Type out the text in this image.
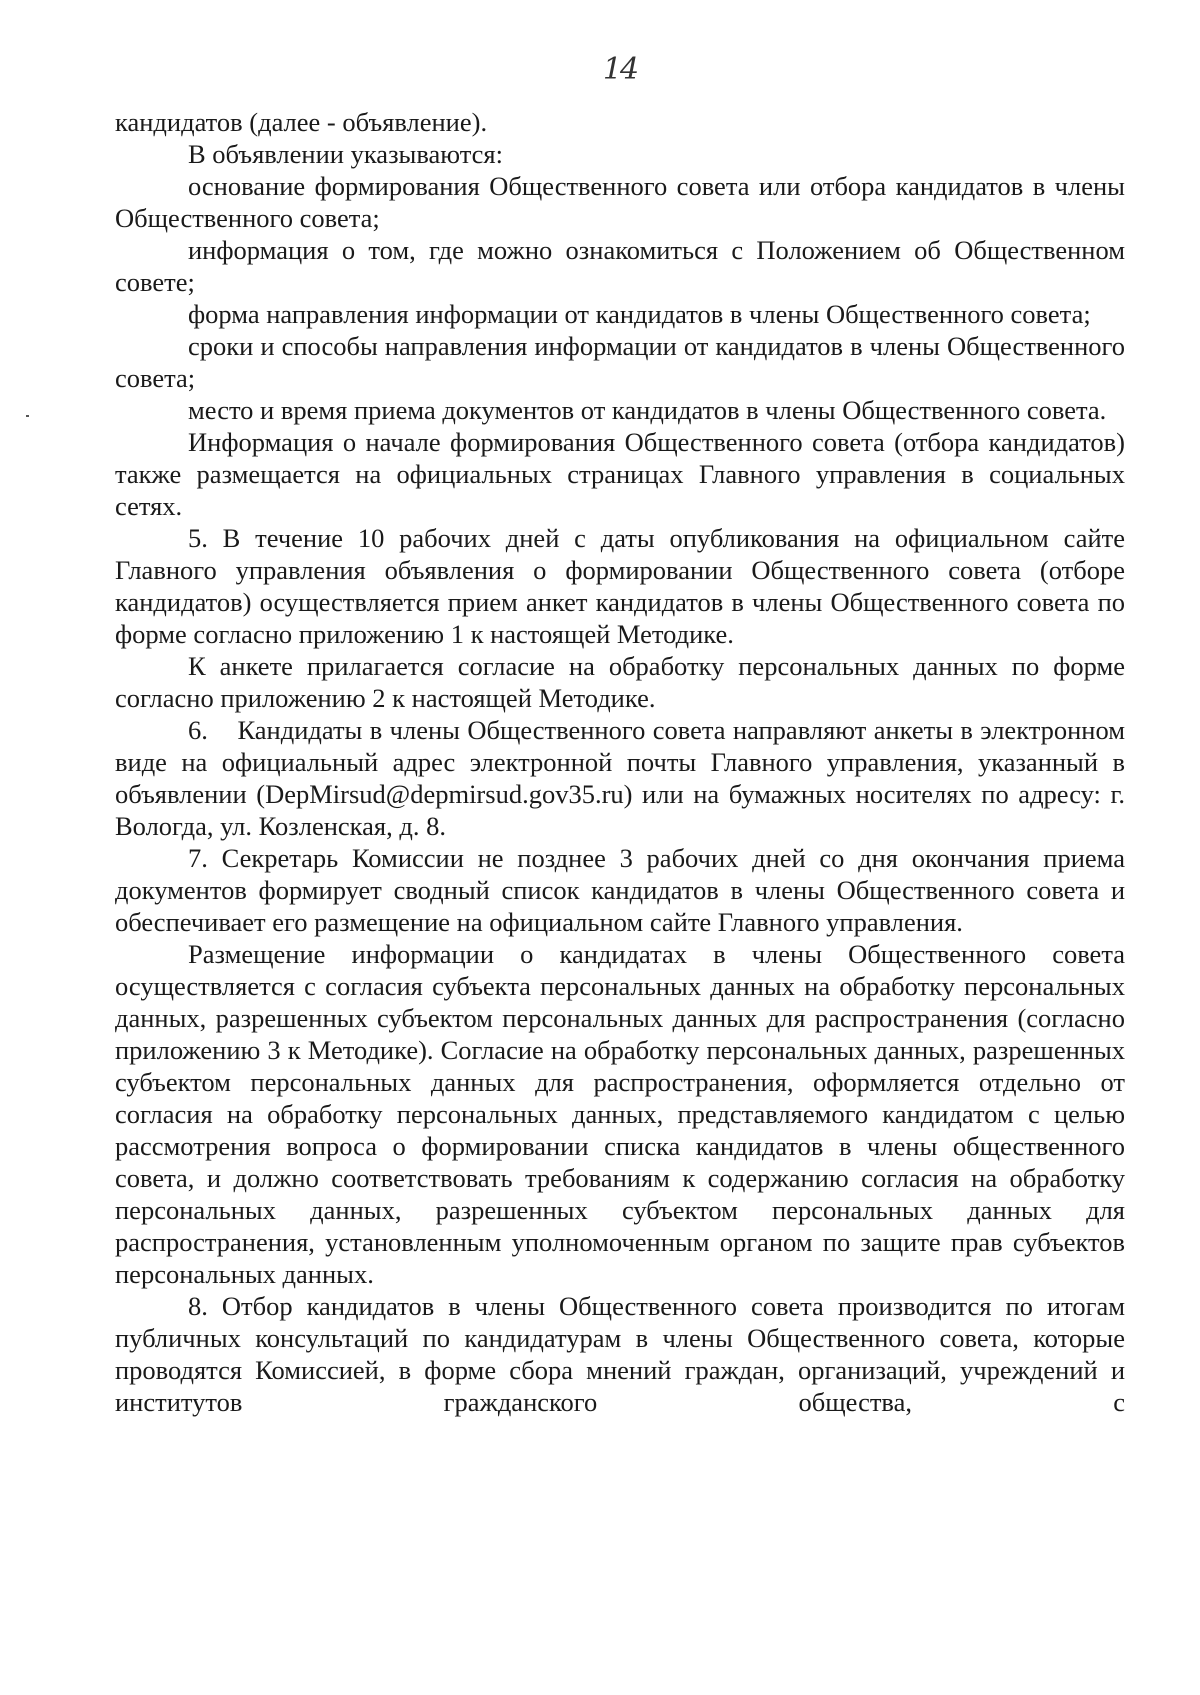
14

кандидатов (далее - объявление).

В объявлении указываются:

основание формирования Общественного совета или отбора кандидатов в члены Общественного совета;

информация о том, где можно ознакомиться с Положением об Общественном совете;

форма направления информации от кандидатов в члены Общественного совета;

сроки и способы направления информации от кандидатов в члены Общественного совета;

место и время приема документов от кандидатов в члены Общественного совета.

Информация о начале формирования Общественного совета (отбора кандидатов) также размещается на официальных страницах Главного управления в социальных сетях.

5. В течение 10 рабочих дней с даты опубликования на официальном сайте Главного управления объявления о формировании Общественного совета (отборе кандидатов) осуществляется прием анкет кандидатов в члены Общественного совета по форме согласно приложению 1 к настоящей Методике.

К анкете прилагается согласие на обработку персональных данных по форме согласно приложению 2 к настоящей Методике.

6.    Кандидаты в члены Общественного совета направляют анкеты в электронном виде на официальный адрес электронной почты Главного управления, указанный в объявлении (DepMirsud@depmirsud.gov35.ru) или на бумажных носителях по адресу: г. Вологда, ул. Козленская, д. 8.

7. Секретарь Комиссии не позднее 3 рабочих дней со дня окончания приема документов формирует сводный список кандидатов в члены Общественного совета и обеспечивает его размещение на официальном сайте Главного управления.

Размещение информации о кандидатах в члены Общественного совета осуществляется с согласия субъекта персональных данных на обработку персональных данных, разрешенных субъектом персональных данных для распространения (согласно приложению 3 к Методике). Согласие на обработку персональных данных, разрешенных субъектом персональных данных для распространения, оформляется отдельно от согласия на обработку персональных данных, представляемого кандидатом с целью рассмотрения вопроса о формировании списка кандидатов в члены общественного совета, и должно соответствовать требованиям к содержанию согласия на обработку персональных данных, разрешенных субъектом персональных данных для распространения, установленным уполномоченным органом по защите прав субъектов персональных данных.

8. Отбор кандидатов в члены Общественного совета производится по итогам публичных консультаций по кандидатурам в члены Общественного совета, которые проводятся Комиссией, в форме сбора мнений граждан, организаций, учреждений и институтов гражданского общества, с
